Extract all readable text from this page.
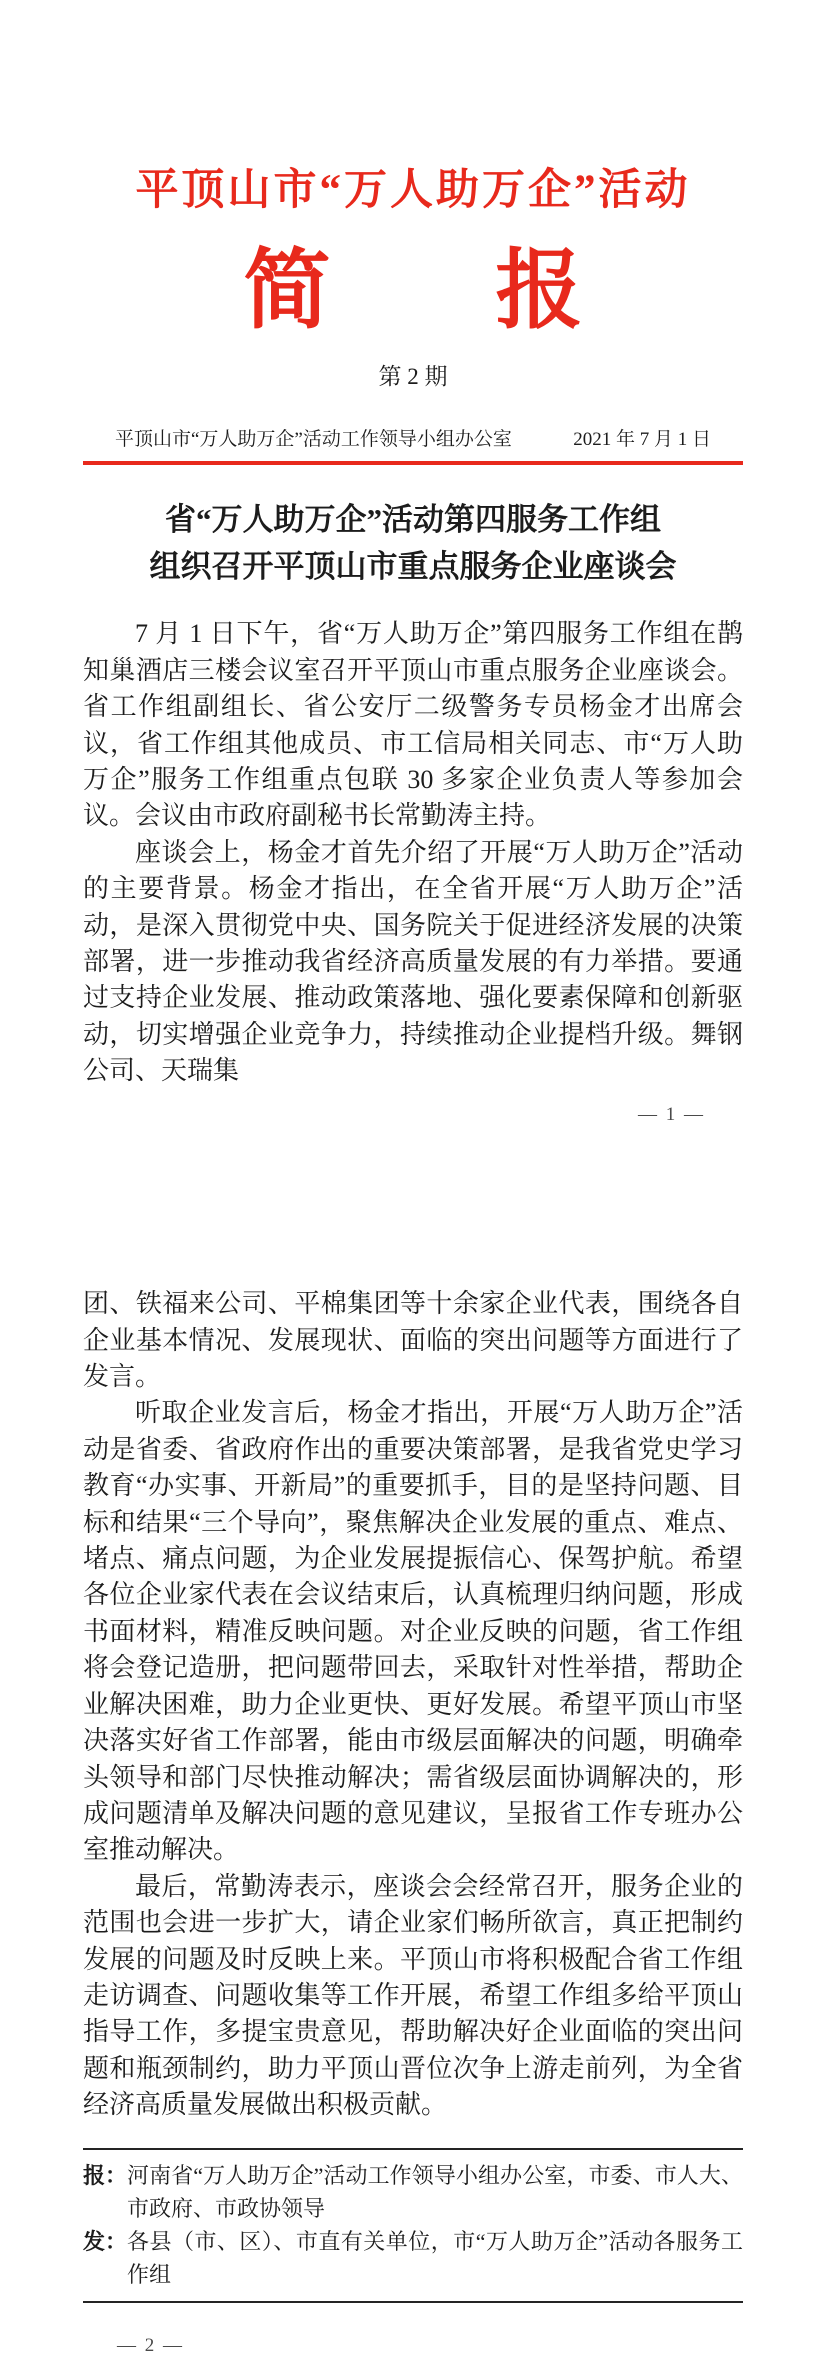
平顶山市“万人助万企”活动
简 报
第 2 期
平顶山市“万人助万企”活动工作领导小组办公室	2021 年 7 月 1 日
省“万人助万企”活动第四服务工作组
组织召开平顶山市重点服务企业座谈会

7 月 1 日下午，省“万人助万企”第四服务工作组在鹊知巢酒店三楼会议室召开平顶山市重点服务企业座谈会。省工作组副组长、省公安厅二级警务专员杨金才出席会议，省工作组其他成员、市工信局相关同志、市“万人助万企”服务工作组重点包联 30 多家企业负责人等参加会议。会议由市政府副秘书长常勤涛主持。

座谈会上，杨金才首先介绍了开展“万人助万企”活动的主要背景。杨金才指出，在全省开展“万人助万企”活动，是深入贯彻党中央、国务院关于促进经济发展的决策部署，进一步推动我省经济高质量发展的有力举措。要通过支持企业发展、推动政策落地、强化要素保障和创新驱动，切实增强企业竞争力，持续推动企业提档升级。舞钢公司、天瑞集

— 1 —

团、铁福来公司、平棉集团等十余家企业代表，围绕各自企业基本情况、发展现状、面临的突出问题等方面进行了发言。

听取企业发言后，杨金才指出，开展“万人助万企”活动是省委、省政府作出的重要决策部署，是我省党史学习教育“办实事、开新局”的重要抓手，目的是坚持问题、目标和结果“三个导向”，聚焦解决企业发展的重点、难点、堵点、痛点问题，为企业发展提振信心、保驾护航。希望各位企业家代表在会议结束后，认真梳理归纳问题，形成书面材料，精准反映问题。对企业反映的问题，省工作组将会登记造册，把问题带回去，采取针对性举措，帮助企业解决困难，助力企业更快、更好发展。希望平顶山市坚决落实好省工作部署，能由市级层面解决的问题，明确牵头领导和部门尽快推动解决；需省级层面协调解决的，形成问题清单及解决问题的意见建议，呈报省工作专班办公室推动解决。

最后，常勤涛表示，座谈会会经常召开，服务企业的范围也会进一步扩大，请企业家们畅所欲言，真正把制约发展的问题及时反映上来。平顶山市将积极配合省工作组走访调查、问题收集等工作开展，希望工作组多给平顶山指导工作，多提宝贵意见，帮助解决好企业面临的突出问题和瓶颈制约，助力平顶山晋位次争上游走前列，为全省经济高质量发展做出积极贡献。

报： 河南省“万人助万企”活动工作领导小组办公室，市委、市人大、市政府、市政协领导
发： 各县（市、区）、市直有关单位，市“万人助万企”活动各服务工作组
— 2 —
